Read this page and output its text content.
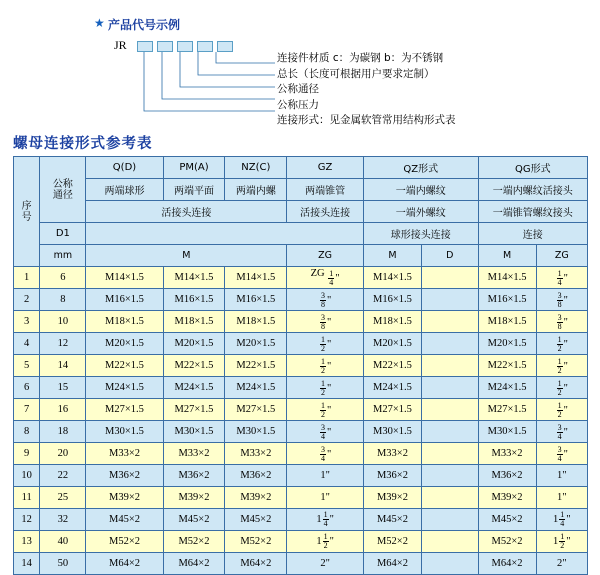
★ 产品代号示例
JR
连接件材质 c：为碳钢 b：为不锈钢
总长（长度可根据用户要求定制）
公称通径
公称压力
连接形式：见金属软管常用结构形式表
螺母连接形式参考表
序号	公称通径	Q(D)	PM(A)	NZ(C)	GZ	QZ形式		QG形式	
		两端球形	两端平面	两端内螺	两端锥管	一端内螺纹		一端内螺纹活接头	
		活接头连接			活接头连接	一端外螺纹		一端锥管螺纹接头	
	D1					球形接头连接		连接	
	mm	M			ZG	M	D	M	ZG
1	6	M14×1.5	M14×1.5	M14×1.5	ZG $\frac{1}{4}$ "	M14×1.5		M14×1.5	$\frac{1}{4}$ "

2	8	M16×1.5	M16×1.5	M16×1.5	$\frac{3}{8}$ "	M16×1.5		M16×1.5	$\frac{3}{8}$ "

3	10	M18×1.5	M18×1.5	M18×1.5	$\frac{3}{8}$ "	M18×1.5		M18×1.5	$\frac{3}{8}$ "

4	12	M20×1.5	M20×1.5	M20×1.5	$\frac{1}{2}$ "	M20×1.5		M20×1.5	$\frac{1}{2}$ "

5	14	M22×1.5	M22×1.5	M22×1.5	$\frac{1}{2}$ "	M22×1.5		M22×1.5	$\frac{1}{2}$ "

6	15	M24×1.5	M24×1.5	M24×1.5	$\frac{1}{2}$ "	M24×1.5		M24×1.5	$\frac{1}{2}$ "

7	16	M27×1.5	M27×1.5	M27×1.5	$\frac{1}{2}$ "	M27×1.5		M27×1.5	$\frac{1}{2}$ "

8	18	M30×1.5	M30×1.5	M30×1.5	$\frac{3}{4}$ "	M30×1.5		M30×1.5	$\frac{3}{4}$ "

9	20	M33×2	M33×2	M33×2	$\frac{3}{4}$ "	M33×2		M33×2	$\frac{3}{4}$ "

10	22	M36×2	M36×2	M36×2	1"	M36×2		M36×2	1"
11	25	M39×2	M39×2	M39×2	1"	M39×2		M39×2	1"
12	32	M45×2	M45×2	M45×2	$1 \frac{1}{4}$ "	M45×2		M45×2	$1 \frac{1}{4}$ "

13	40	M52×2	M52×2	M52×2	$1 \frac{1}{2}$ "	M52×2		M52×2	$1 \frac{1}{2}$ "

14	50	M64×2	M64×2	M64×2	2"	M64×2		M64×2	2"
